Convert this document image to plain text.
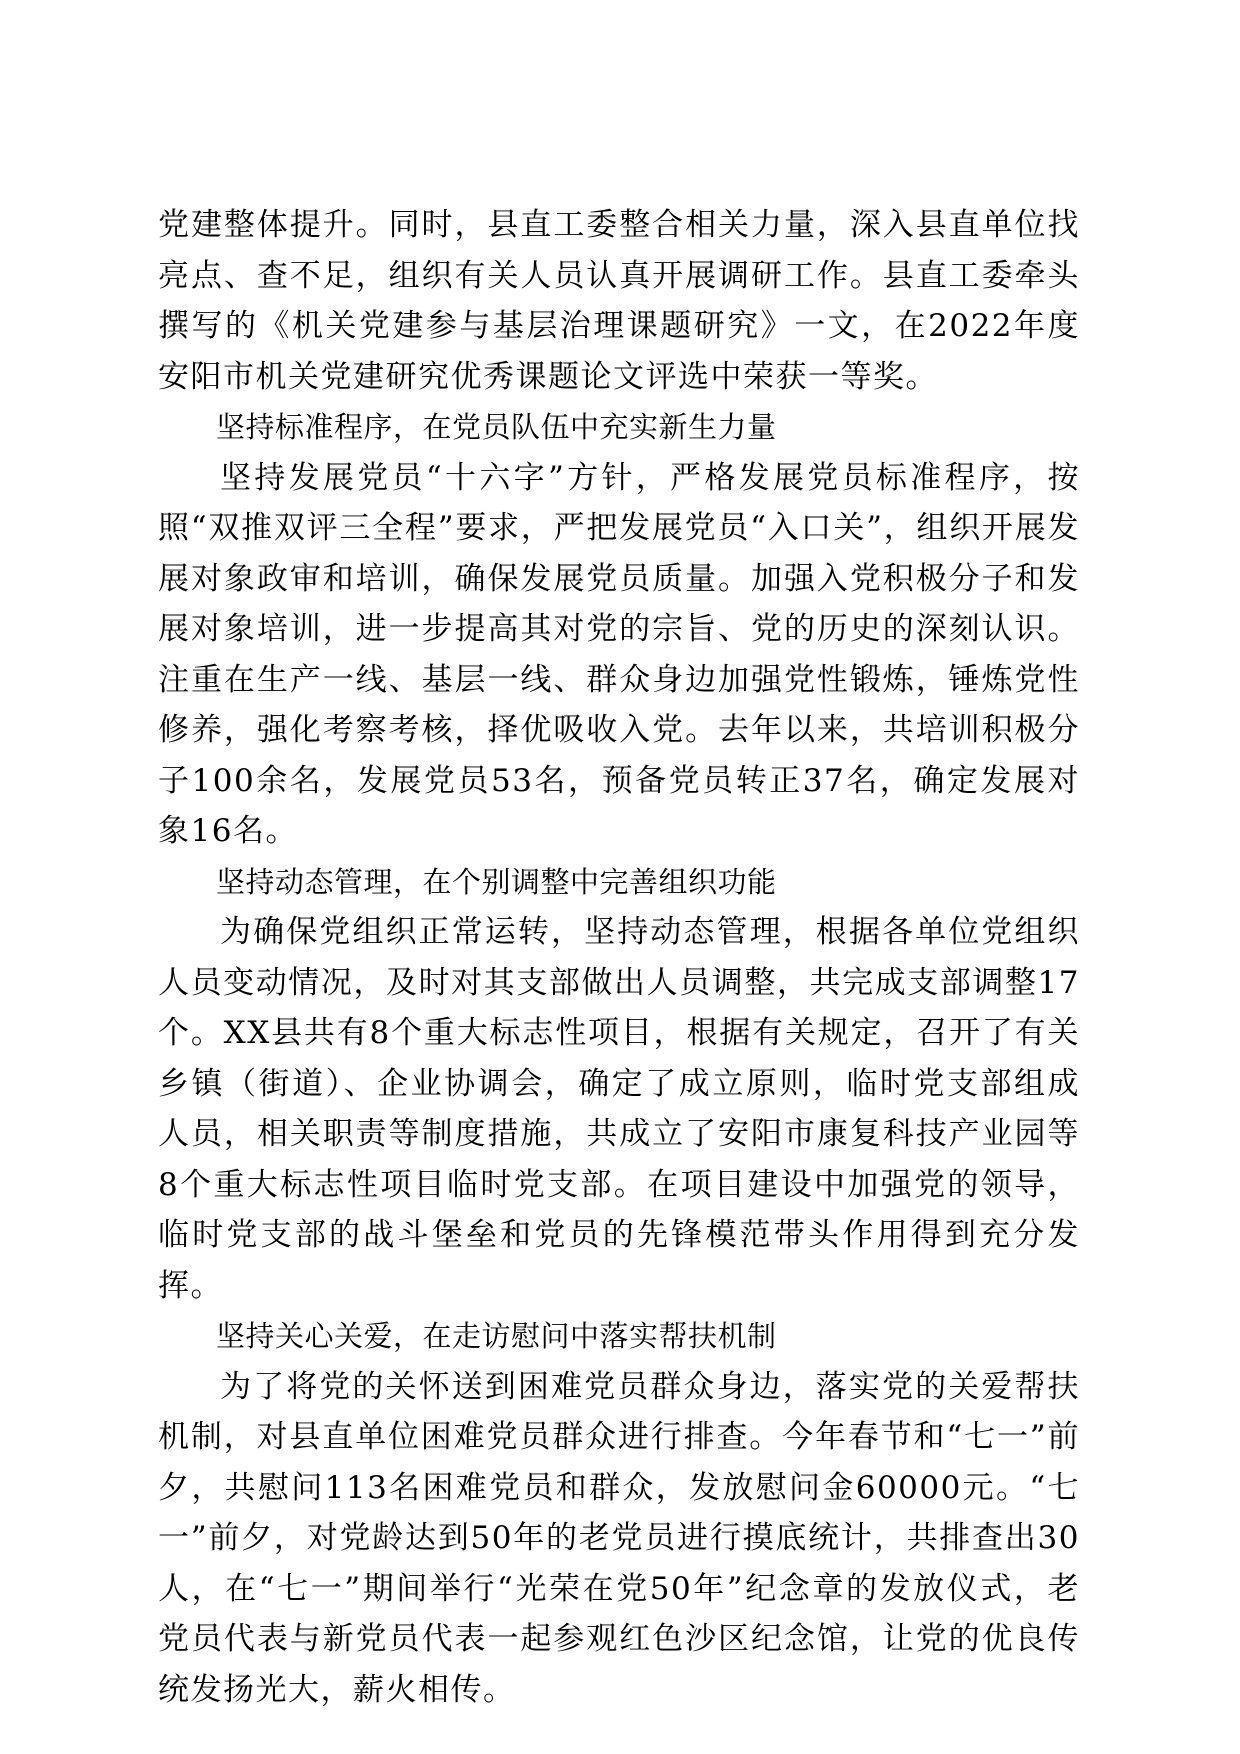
党建整体提升。同时，县直工委整合相关力量，深入县直单位找亮点、查不足，组织有关人员认真开展调研工作。县直工委牵头撰写的《机关党建参与基层治理课题研究》一文，在2022年度安阳市机关党建研究优秀课题论文评选中荣获一等奖。

坚持标准程序，在党员队伍中充实新生力量

坚持发展党员“十六字”方针，严格发展党员标准程序，按照“双推双评三全程”要求，严把发展党员“入口关”，组织开展发展对象政审和培训，确保发展党员质量。加强入党积极分子和发展对象培训，进一步提高其对党的宗旨、党的历史的深刻认识。注重在生产一线、基层一线、群众身边加强党性锻炼，锤炼党性修养，强化考察考核，择优吸收入党。去年以来，共培训积极分子100余名，发展党员53名，预备党员转正37名，确定发展对象16名。

坚持动态管理，在个别调整中完善组织功能

为确保党组织正常运转，坚持动态管理，根据各单位党组织人员变动情况，及时对其支部做出人员调整，共完成支部调整17个。XX县共有8个重大标志性项目，根据有关规定，召开了有关乡镇（街道）、企业协调会，确定了成立原则，临时党支部组成人员，相关职责等制度措施，共成立了安阳市康复科技产业园等8个重大标志性项目临时党支部。在项目建设中加强党的领导，临时党支部的战斗堡垒和党员的先锋模范带头作用得到充分发挥。

坚持关心关爱，在走访慰问中落实帮扶机制

为了将党的关怀送到困难党员群众身边，落实党的关爱帮扶机制，对县直单位困难党员群众进行排查。今年春节和“七一”前夕，共慰问113名困难党员和群众，发放慰问金60000元。“七一”前夕，对党龄达到50年的老党员进行摸底统计，共排查出30人，在“七一”期间举行“光荣在党50年”纪念章的发放仪式，老党员代表与新党员代表一起参观红色沙区纪念馆，让党的优良传统发扬光大，薪火相传。
